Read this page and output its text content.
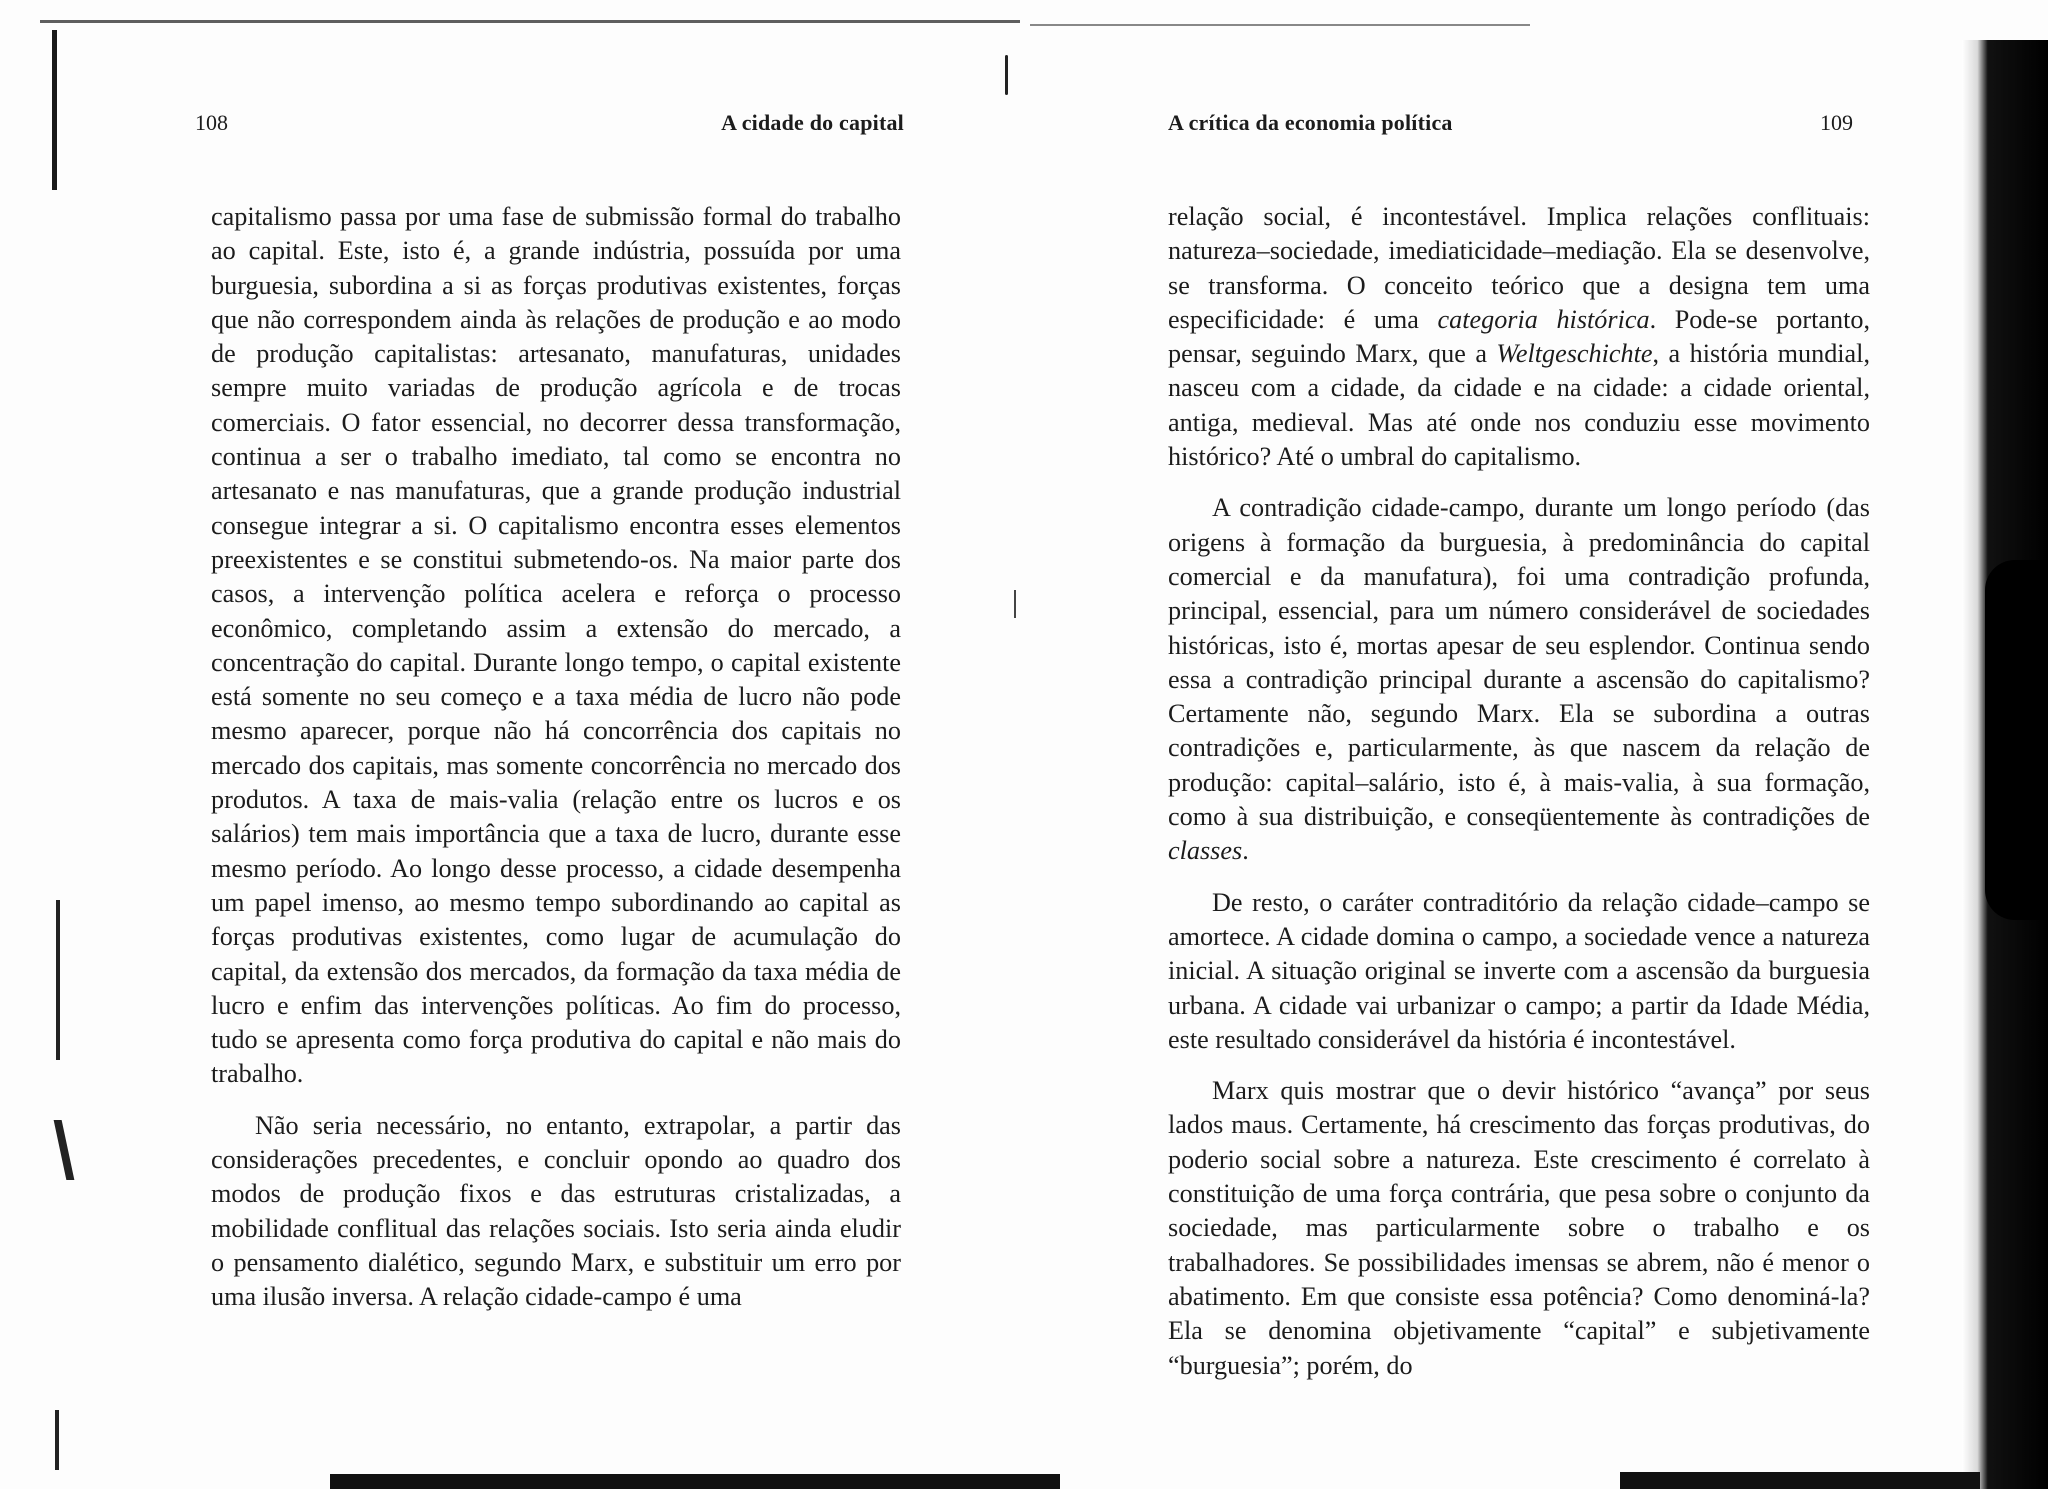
108	A cidade do capital

capitalismo passa por uma fase de submissão formal do trabalho ao capital. Este, isto é, a grande indústria, possuída por uma burguesia, subordina a si as forças produtivas existentes, forças que não correspondem ainda às relações de produção e ao modo de produção capitalistas: artesanato, manufaturas, unidades sempre muito variadas de produção agrícola e de trocas comerciais. O fator essencial, no decorrer dessa transformação, continua a ser o trabalho imediato, tal como se encontra no artesanato e nas manufaturas, que a grande produção industrial consegue integrar a si. O capitalismo encontra esses elementos preexistentes e se constitui submetendo-os. Na maior parte dos casos, a intervenção política acelera e reforça o processo econômico, completando assim a extensão do mercado, a concentração do capital. Durante longo tempo, o capital existente está somente no seu começo e a taxa média de lucro não pode mesmo aparecer, porque não há concorrência dos capitais no mercado dos capitais, mas somente concorrência no mercado dos produtos. A taxa de mais-valia (relação entre os lucros e os salários) tem mais importância que a taxa de lucro, durante esse mesmo período. Ao longo desse processo, a cidade desempenha um papel imenso, ao mesmo tempo subordinando ao capital as forças produtivas existentes, como lugar de acumulação do capital, da extensão dos mercados, da formação da taxa média de lucro e enfim das intervenções políticas. Ao fim do processo, tudo se apresenta como força produtiva do capital e não mais do trabalho.

Não seria necessário, no entanto, extrapolar, a partir das considerações precedentes, e concluir opondo ao quadro dos modos de produção fixos e das estruturas cristalizadas, a mobilidade conflitual das relações sociais. Isto seria ainda eludir o pensamento dialético, segundo Marx, e substituir um erro por uma ilusão inversa. A relação cidade-campo é uma

A crítica da economia política	109

relação social, é incontestável. Implica relações conflituais: natureza–sociedade, imediaticidade–mediação. Ela se desenvolve, se transforma. O conceito teórico que a designa tem uma especificidade: é uma categoria histórica. Pode-se portanto, pensar, seguindo Marx, que a Weltgeschichte, a história mundial, nasceu com a cidade, da cidade e na cidade: a cidade oriental, antiga, medieval. Mas até onde nos conduziu esse movimento histórico? Até o umbral do capitalismo.

A contradição cidade-campo, durante um longo período (das origens à formação da burguesia, à predominância do capital comercial e da manufatura), foi uma contradição profunda, principal, essencial, para um número considerável de sociedades históricas, isto é, mortas apesar de seu esplendor. Continua sendo essa a contradição principal durante a ascensão do capitalismo? Certamente não, segundo Marx. Ela se subordina a outras contradições e, particularmente, às que nascem da relação de produção: capital–salário, isto é, à mais-valia, à sua formação, como à sua distribuição, e conseqüentemente às contradições de classes.

De resto, o caráter contraditório da relação cidade–campo se amortece. A cidade domina o campo, a sociedade vence a natureza inicial. A situação original se inverte com a ascensão da burguesia urbana. A cidade vai urbanizar o campo; a partir da Idade Média, este resultado considerável da história é incontestável.

Marx quis mostrar que o devir histórico “avança” por seus lados maus. Certamente, há crescimento das forças produtivas, do poderio social sobre a natureza. Este crescimento é correlato à constituição de uma força contrária, que pesa sobre o conjunto da sociedade, mas particularmente sobre o trabalho e os trabalhadores. Se possibilidades imensas se abrem, não é menor o abatimento. Em que consiste essa potência? Como denominá-la? Ela se denomina objetivamente “capital” e subjetivamente “burguesia”; porém, do
